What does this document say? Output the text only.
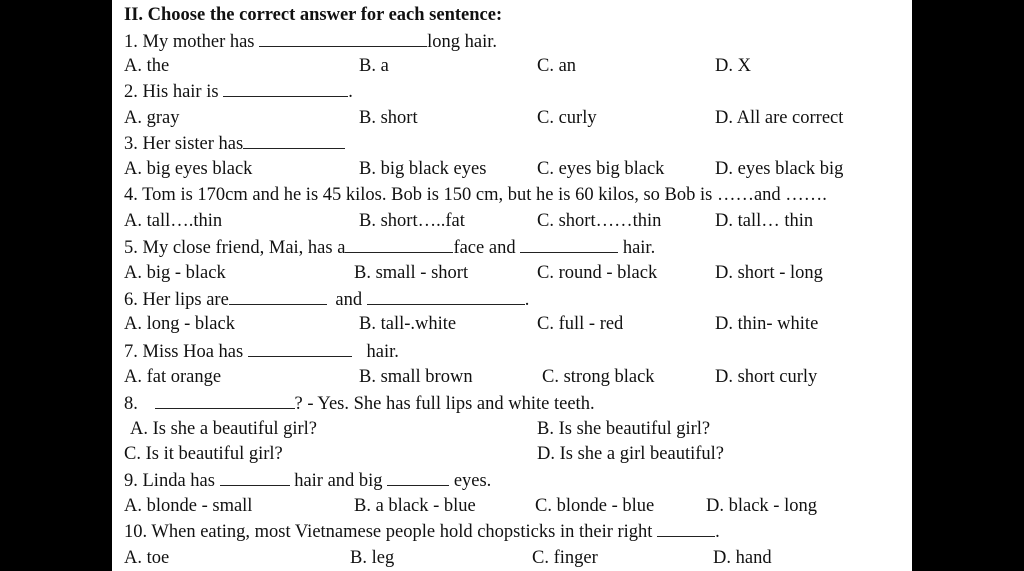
II. Choose the correct answer for each sentence:
1. My mother has	long hair.
A. the	B. a	C. an	D. X
2. His hair is	.
A. gray	B. short	C. curly	D. All are correct
3. Her sister has
A. big eyes black	B. big black eyes	C. eyes big black	D. eyes black big
4. Tom is 170cm and he is 45 kilos. Bob is 150 cm, but he is 60 kilos, so Bob is ……and …….
A. tall….thin	B. short…..fat	C. short……thin	D. tall… thin
5. My close friend, Mai, has a	face and	hair.
A. big - black	B. small - short	C. round - black	D. short - long
6. Her lips are	and	.
A. long - black	B. tall-.white	C. full - red	D. thin- white
7. Miss Hoa has	hair.
A. fat orange	B. small brown	C. strong black	D. short curly
8.	? - Yes. She has full lips and white teeth.
A. Is she a beautiful girl?	B. Is she beautiful girl?
C. Is it beautiful girl?	D. Is she a girl beautiful?
9. Linda has	hair and big	eyes.
A. blonde - small	B. a black - blue	C. blonde - blue	D. black - long
10. When eating, most Vietnamese people hold chopsticks in their right	.
A. toe	B. leg	C. finger	D. hand
